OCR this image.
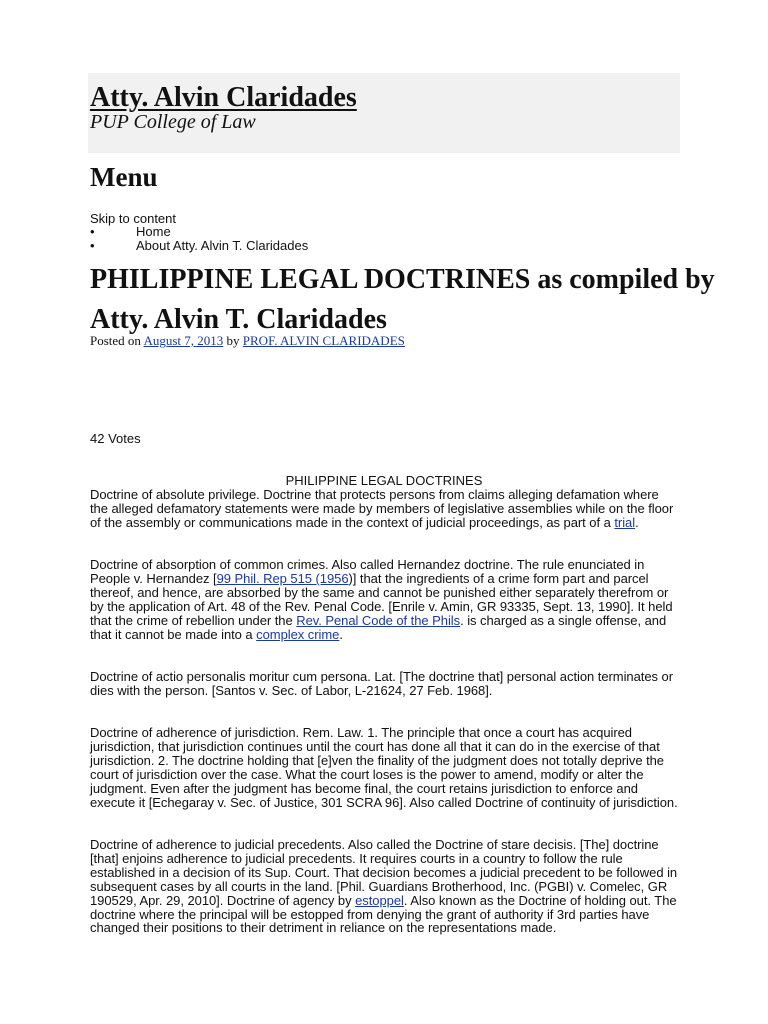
Atty. Alvin Claridades
PUP College of Law
Menu
Skip to content
•	Home
•	About Atty. Alvin T. Claridades
PHILIPPINE LEGAL DOCTRINES as compiled by Atty. Alvin T. Claridades
Posted on August 7, 2013 by PROF. ALVIN CLARIDADES
42 Votes
PHILIPPINE LEGAL DOCTRINES

Doctrine of absolute privilege. Doctrine that protects persons from claims alleging defamation where the alleged defamatory statements were made by members of legislative assemblies while on the floor of the assembly or communications made in the context of judicial proceedings, as part of a trial.

Doctrine of absorption of common crimes. Also called Hernandez doctrine. The rule enunciated in People v. Hernandez [99 Phil. Rep 515 (1956)] that the ingredients of a crime form part and parcel thereof, and hence, are absorbed by the same and cannot be punished either separately therefrom or by the application of Art. 48 of the Rev. Penal Code. [Enrile v. Amin, GR 93335, Sept. 13, 1990]. It held that the crime of rebellion under the Rev. Penal Code of the Phils. is charged as a single offense, and that it cannot be made into a complex crime.

Doctrine of actio personalis moritur cum persona. Lat. [The doctrine that] personal action terminates or dies with the person. [Santos v. Sec. of Labor, L-21624, 27 Feb. 1968].

Doctrine of adherence of jurisdiction. Rem. Law. 1. The principle that once a court has acquired jurisdiction, that jurisdiction continues until the court has done all that it can do in the exercise of that jurisdiction. 2. The doctrine holding that [e]ven the finality of the judgment does not totally deprive the court of jurisdiction over the case. What the court loses is the power to amend, modify or alter the judgment. Even after the judgment has become final, the court retains jurisdiction to enforce and execute it [Echegaray v. Sec. of Justice, 301 SCRA 96]. Also called Doctrine of continuity of jurisdiction.

Doctrine of adherence to judicial precedents. Also called the Doctrine of stare decisis. [The] doctrine [that] enjoins adherence to judicial precedents. It requires courts in a country to follow the rule established in a decision of its Sup. Court. That decision becomes a judicial precedent to be followed in subsequent cases by all courts in the land. [Phil. Guardians Brotherhood, Inc. (PGBI) v. Comelec, GR 190529, Apr. 29, 2010]. Doctrine of agency by estoppel. Also known as the Doctrine of holding out. The doctrine where the principal will be estopped from denying the grant of authority if 3rd parties have changed their positions to their detriment in reliance on the representations made.
